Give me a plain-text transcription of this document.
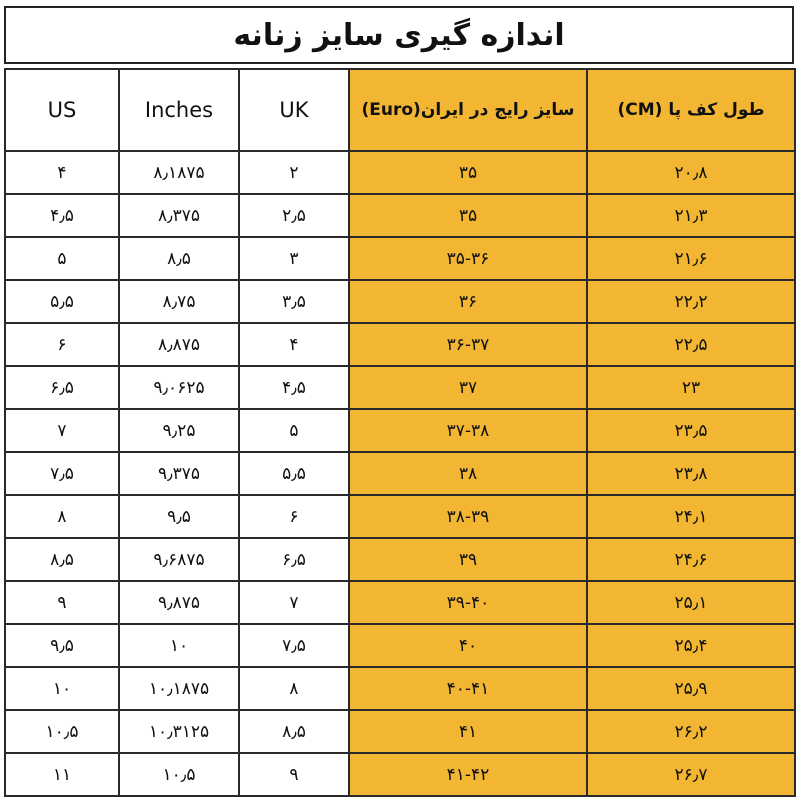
اندازه گیری سایز زنانه
US	Inches	UK	سایز رایج در ایران(Euro)	طول کف پا (CM)
۴	۸٫۱۸۷۵	۲	۳۵	۲۰٫۸
۴٫۵	۸٫۳۷۵	۲٫۵	۳۵	۲۱٫۳
۵	۸٫۵	۳	۳۵-۳۶	۲۱٫۶
۵٫۵	۸٫۷۵	۳٫۵	۳۶	۲۲٫۲
۶	۸٫۸۷۵	۴	۳۶-۳۷	۲۲٫۵
۶٫۵	۹٫۰۶۲۵	۴٫۵	۳۷	۲۳
۷	۹٫۲۵	۵	۳۷-۳۸	۲۳٫۵
۷٫۵	۹٫۳۷۵	۵٫۵	۳۸	۲۳٫۸
۸	۹٫۵	۶	۳۸-۳۹	۲۴٫۱
۸٫۵	۹٫۶۸۷۵	۶٫۵	۳۹	۲۴٫۶
۹	۹٫۸۷۵	۷	۳۹-۴۰	۲۵٫۱
۹٫۵	۱۰	۷٫۵	۴۰	۲۵٫۴
۱۰	۱۰٫۱۸۷۵	۸	۴۰-۴۱	۲۵٫۹
۱۰٫۵	۱۰٫۳۱۲۵	۸٫۵	۴۱	۲۶٫۲
۱۱	۱۰٫۵	۹	۴۱-۴۲	۲۶٫۷
